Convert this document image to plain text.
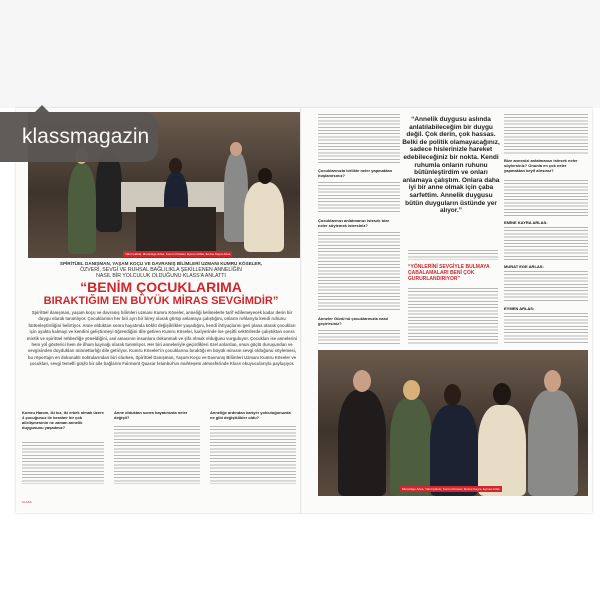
Yakıt Çabuk, Murat Ege Arlas, Kumru Köseler, Eymen Arlas, Emine Kayra Arlas
klassmagazin
SPİRİTÜEL DANIŞMAN, YAŞAM KOÇU VE DAVRANIŞ BİLİMLERİ UZMANI KUMRU KÖSELER,
ÖZVERİ, SEVGİ VE RUHSAL BAĞLILIKLA ŞEKİLLENEN ANNELİĞİN
NASIL BİR YOLCULUK OLDUĞUNU KLASS'A ANLATTI
“BENİM ÇOCUKLARIMA
BIRAKTIĞIM EN BÜYÜK MİRAS SEVGİMDİR”
Spiritüel danışman, yaşam koçu ve davranış bilimleri uzmanı Kumru Köseler, anneliği kelimelerle tarif edilemeyecek kadar derin bir duygu olarak tanımlıyor. Çocuklarının her biri ayrı bir birey olarak görüp anlamaya çalıştığını, onların ruhlarıyla kendi ruhunu bütünleştirdiğini belirtiyor. Anne olduktan sonra hayatında köklü değişiklikler yaşadığını, kendi ihtiyaçlarını geri plana atarak çocukları için ayakta kalmayı ve kendini geliştirmeyi öğrendiğini dile getiren Kumru Köseler, kariyerinde ise çeşitli sektörlerde çalıştıktan sonra mistik ve spiritüel rehberliğe yöneldiğini, asıl amacının insanlara dokunmak ve şifa olmak olduğunu vurguluyor. Çocukları ise annelerini hem yol gösterici hem de ilham kaynağı olarak tanımlıyor. Her biri anneleriyle geçirdikleri özel anlardan, onun güçlü duruşundan ve sevgisinden duydukları minnettarlığı dile getiriyor. Kumru Köseler'in çocuklarına bıraktığı en büyük mirasın sevgi olduğunu söylemesi, bu röportajın en dokunaklı noktalarından biri olurken, Spiritüel Danışman, Yaşam Koçu ve Davranış Bilimleri Uzmanı Kumru Köseler ve çocukları, sevgi temelli güçlü bir aile bağlarını Fairmont Quasar İstanbul'un muhteşem atmosferinde Klass okuyucularıyla paylaşıyor.
Kumru Hanım, iki kız, iki erkek olmak üzere 4 çocuğunuz ile beraber bir çok ailelişmesinin ne zaman annelik duygusunu yaşadınız?
Anne olduktan sonra hayatınızda neler değişti?
Anneliğe ardından kariyer yolculuğunuzda ne gibi değişiklikler oldu?
KLASS
Çocuklarınızla birlikte neler yapmaktan hoşlanırsınız?
Çocuklarınızı anlatmanızı istesek bize neler söylemek istersiniz?
Anneler Günü'nü çocuklarınızla nasıl geçirirsiniz?
“Annelik duygusu aslında anlatılabileceğim bir duygu değil. Çok derin, çok hassas. Belki de politik olamayacağınız, sadece hislerinizle hareket edebileceğiniz bir nokta. Kendi ruhumla onların ruhunu bütünleştirdim ve onları anlamaya çalıştım. Onlara daha iyi bir anne olmak için çaba sarfettim. Annelik duygusu bütün duyguların üstünde yer alıyor.”
“YÖNLERİNİ SEVGİYLE BULMAYA ÇABALAMALARI BENİ ÇOK GURURLANDIRIYOR”
Bize annenizi anlatmanızı istesek neler söylersiniz? Onunla en çok neler yapmaktan keyif alırsınız?
EMİNE KAYRA ARLAS:
MURAT EGE ARLAS:
EYMEN ARLAS:
Murat Ege Arlas, Yakıt Çabuk, Kumru Köseler, Emine Kayra, Eymen Arlas
